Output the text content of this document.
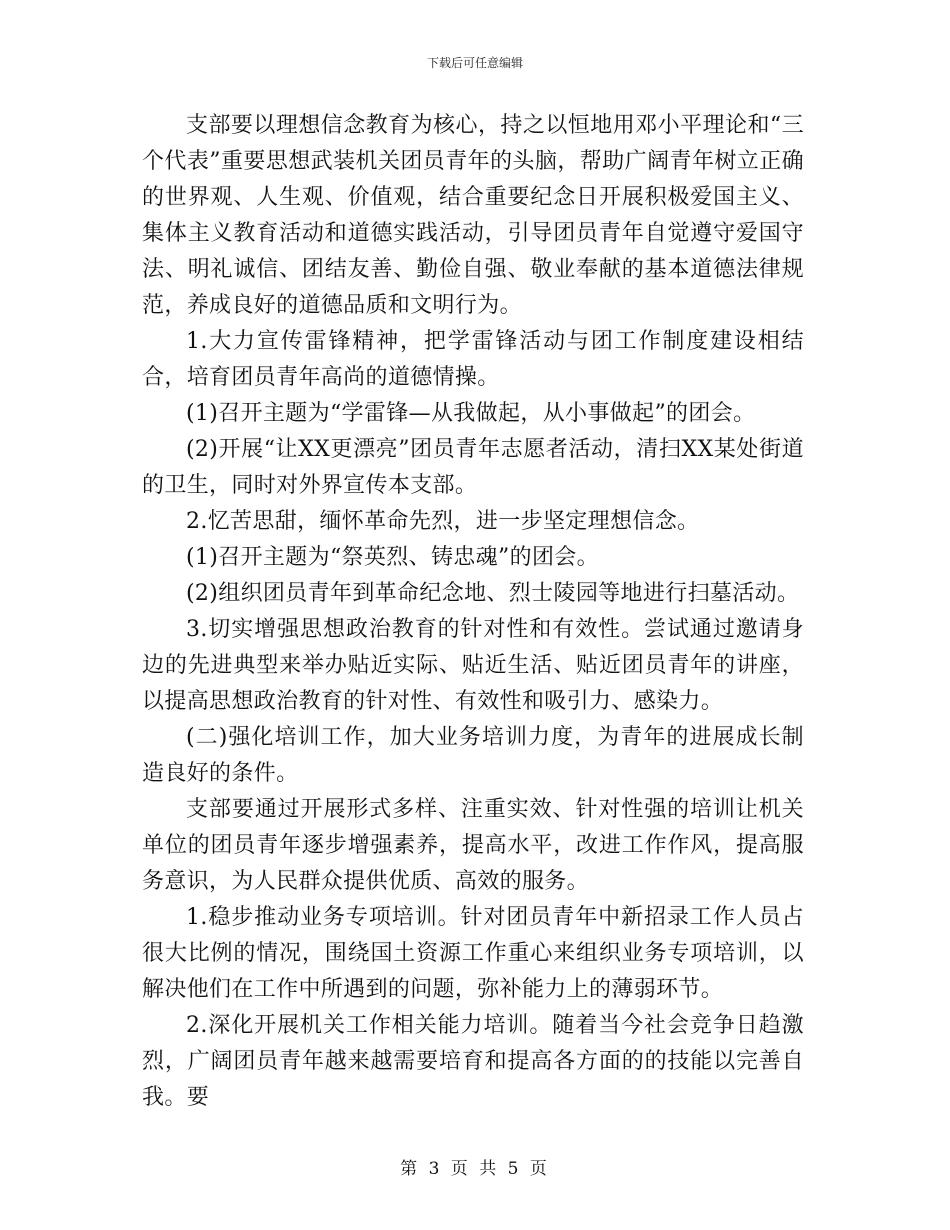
下载后可任意编辑

支部要以理想信念教育为核心，持之以恒地用邓小平理论和“三个代表”重要思想武装机关团员青年的头脑，帮助广阔青年树立正确的世界观、人生观、价值观，结合重要纪念日开展积极爱国主义、集体主义教育活动和道德实践活动，引导团员青年自觉遵守爱国守法、明礼诚信、团结友善、勤俭自强、敬业奉献的基本道德法律规范，养成良好的道德品质和文明行为。

1.大力宣传雷锋精神，把学雷锋活动与团工作制度建设相结合，培育团员青年高尚的道德情操。

(1)召开主题为“学雷锋—从我做起，从小事做起”的团会。

(2)开展“让XX更漂亮”团员青年志愿者活动，清扫XX某处街道的卫生，同时对外界宣传本支部。

2.忆苦思甜，缅怀革命先烈，进一步坚定理想信念。

(1)召开主题为“祭英烈、铸忠魂”的团会。

(2)组织团员青年到革命纪念地、烈士陵园等地进行扫墓活动。

3.切实增强思想政治教育的针对性和有效性。尝试通过邀请身边的先进典型来举办贴近实际、贴近生活、贴近团员青年的讲座，以提高思想政治教育的针对性、有效性和吸引力、感染力。

(二)强化培训工作，加大业务培训力度，为青年的进展成长制造良好的条件。

支部要通过开展形式多样、注重实效、针对性强的培训让机关单位的团员青年逐步增强素养，提高水平，改进工作作风，提高服务意识，为人民群众提供优质、高效的服务。

1.稳步推动业务专项培训。针对团员青年中新招录工作人员占很大比例的情况，围绕国土资源工作重心来组织业务专项培训，以解决他们在工作中所遇到的问题，弥补能力上的薄弱环节。

2.深化开展机关工作相关能力培训。随着当今社会竞争日趋激烈，广阔团员青年越来越需要培育和提高各方面的的技能以完善自我。要

第 3 页 共 5 页
